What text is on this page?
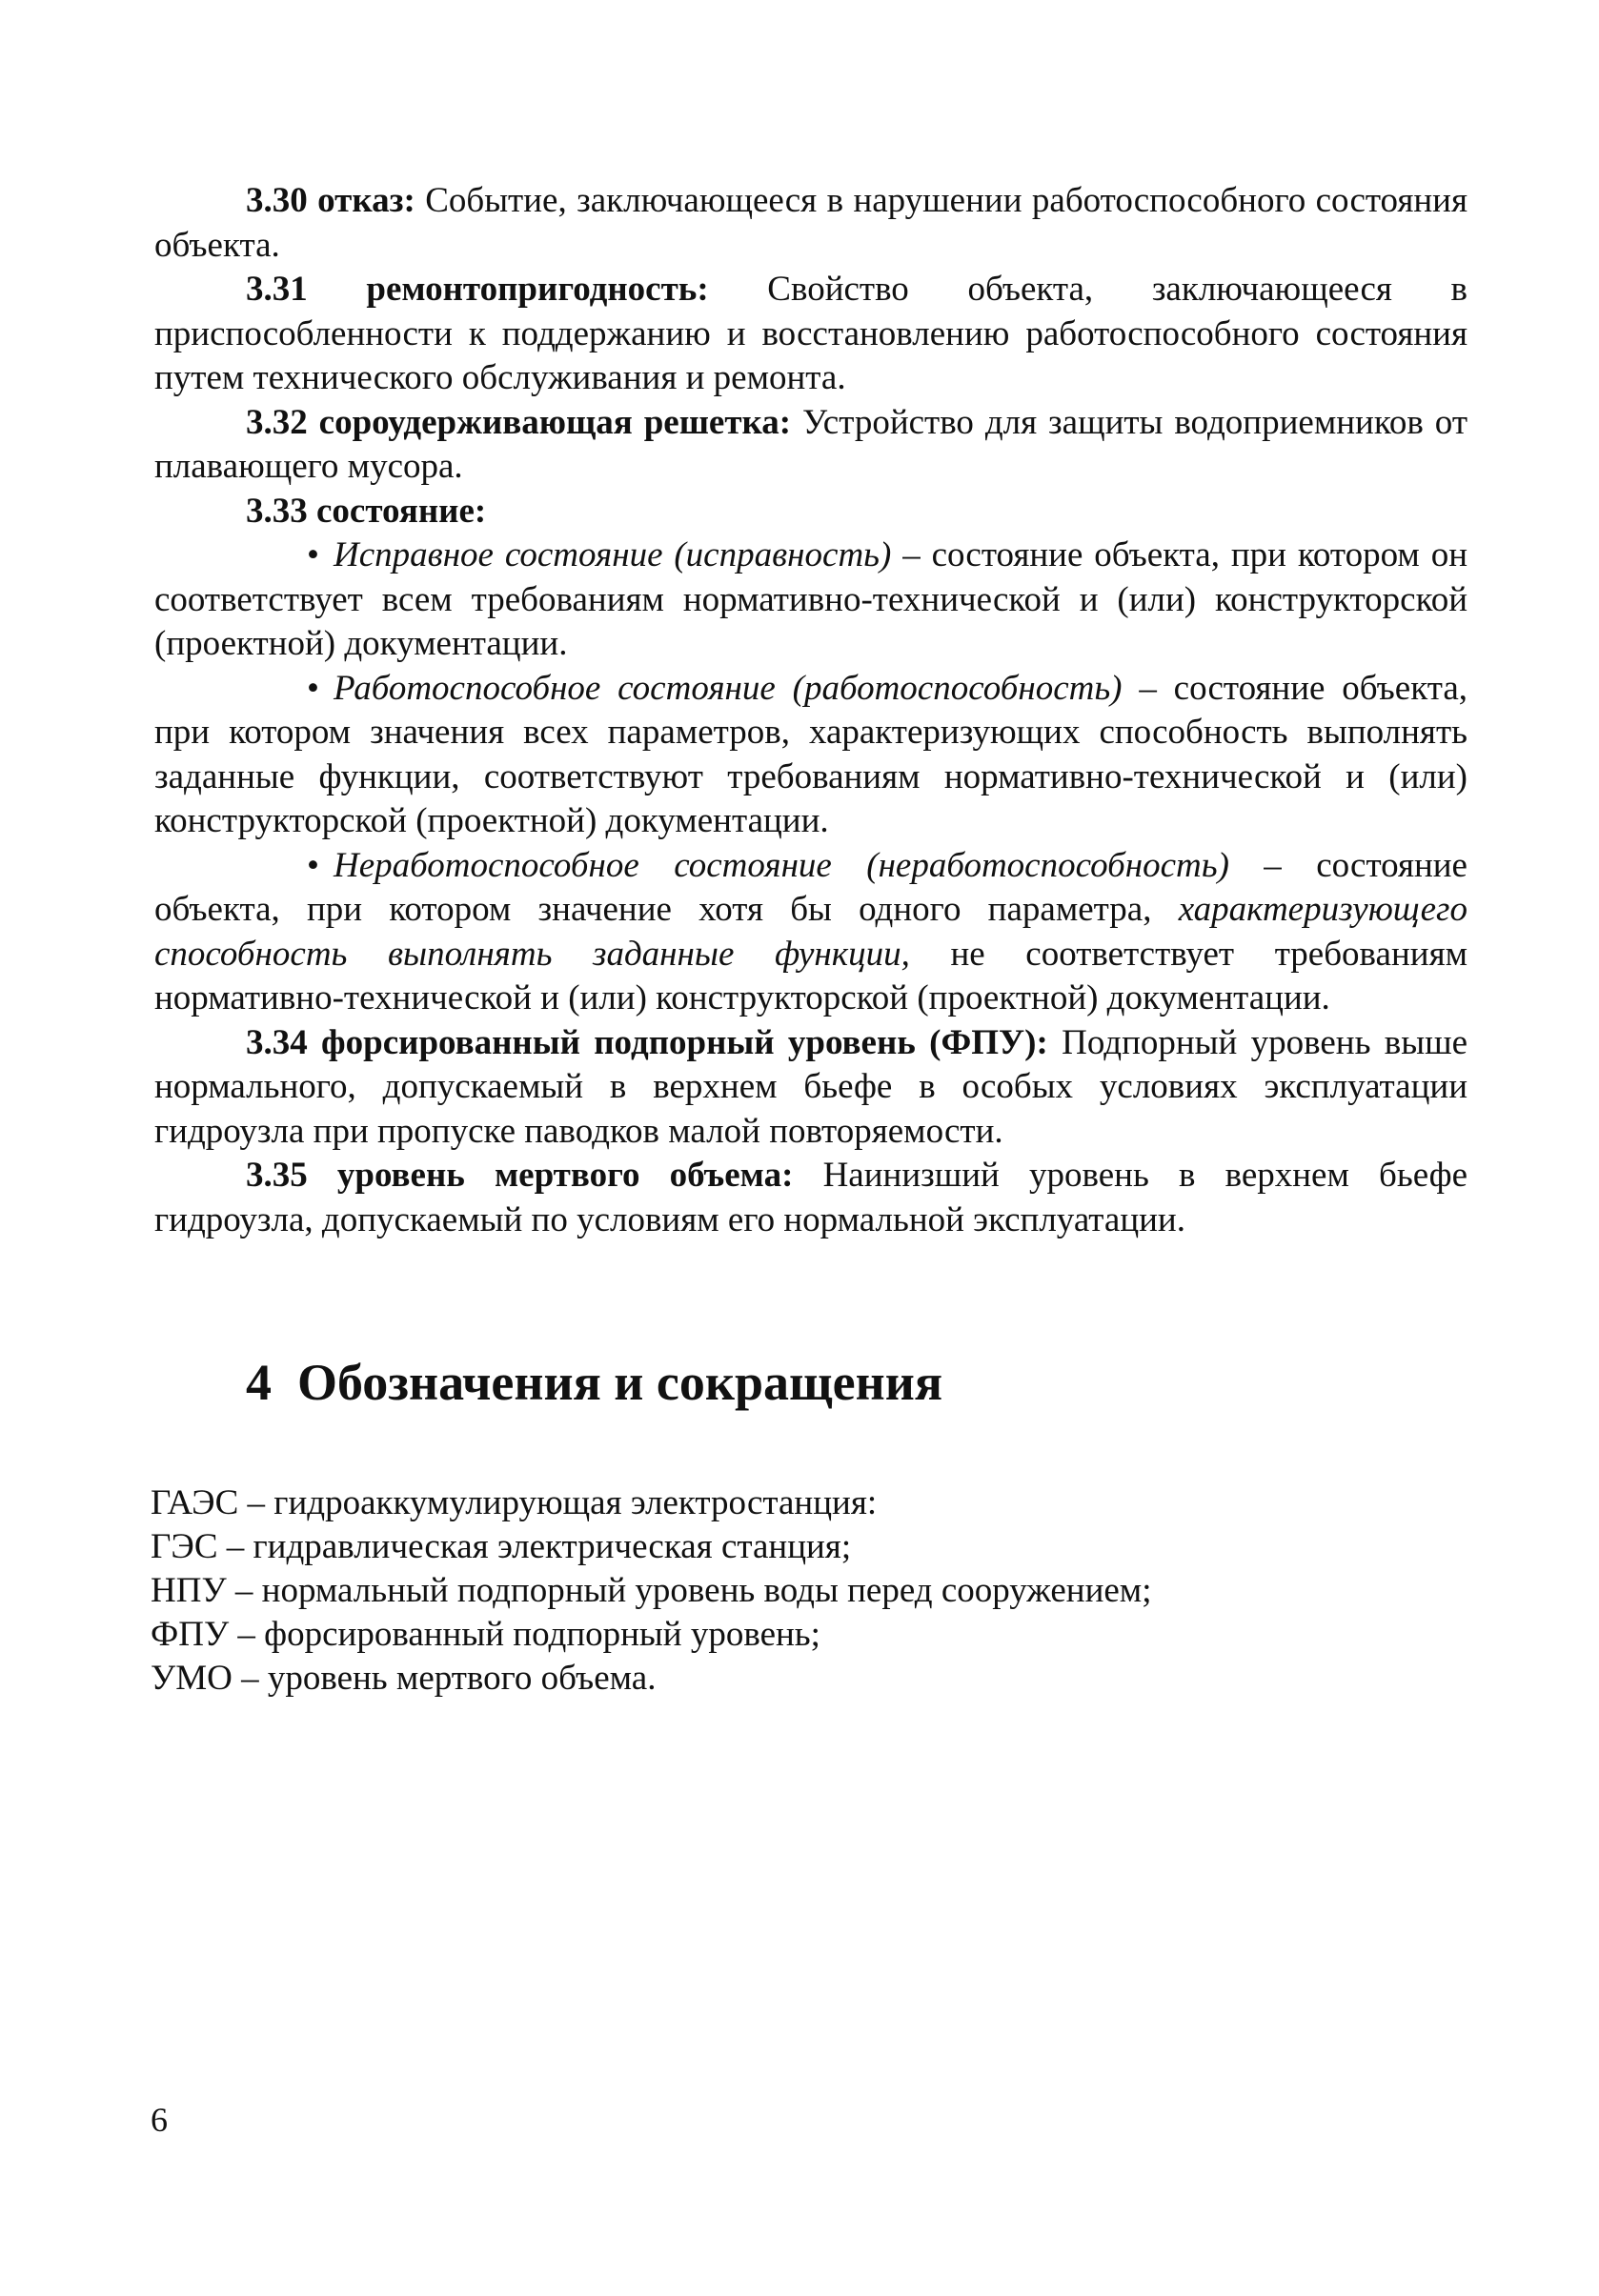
3.30 отказ: Событие, заключающееся в нарушении работоспособного состояния объекта.

3.31 ремонтопригодность: Свойство объекта, заключающееся в приспособленности к поддержанию и восстановлению работоспособного состояния путем технического обслуживания и ремонта.

3.32 сороудерживающая решетка: Устройство для защиты водоприемников от плавающего мусора.

3.33 состояние:

• Исправное состояние (исправность) – состояние объекта, при котором он соответствует всем требованиям нормативно-технической и (или) конструкторской (проектной) документации.

• Работоспособное состояние (работоспособность) – состояние объекта, при котором значения всех параметров, характеризующих способность выполнять заданные функции, соответствуют требованиям нормативно-технической и (или) конструкторской (проектной) документации.

• Неработоспособное состояние (неработоспособность) – состояние объекта, при котором значение хотя бы одного параметра, характеризующего способность выполнять заданные функции, не соответствует требованиям нормативно-технической и (или) конструкторской (проектной) документации.

3.34 форсированный подпорный уровень (ФПУ): Подпорный уровень выше нормального, допускаемый в верхнем бьефе в особых условиях эксплуатации гидроузла при пропуске паводков малой повторяемости.

3.35 уровень мертвого объема: Наинизший уровень в верхнем бьефе гидроузла, допускаемый по условиям его нормальной эксплуатации.

4 Обозначения и сокращения
ГАЭС – гидроаккумулирующая электростанция:
ГЭС – гидравлическая электрическая станция;
НПУ – нормальный подпорный уровень воды перед сооружением;
ФПУ – форсированный подпорный уровень;
УМО – уровень мертвого объема.
6
